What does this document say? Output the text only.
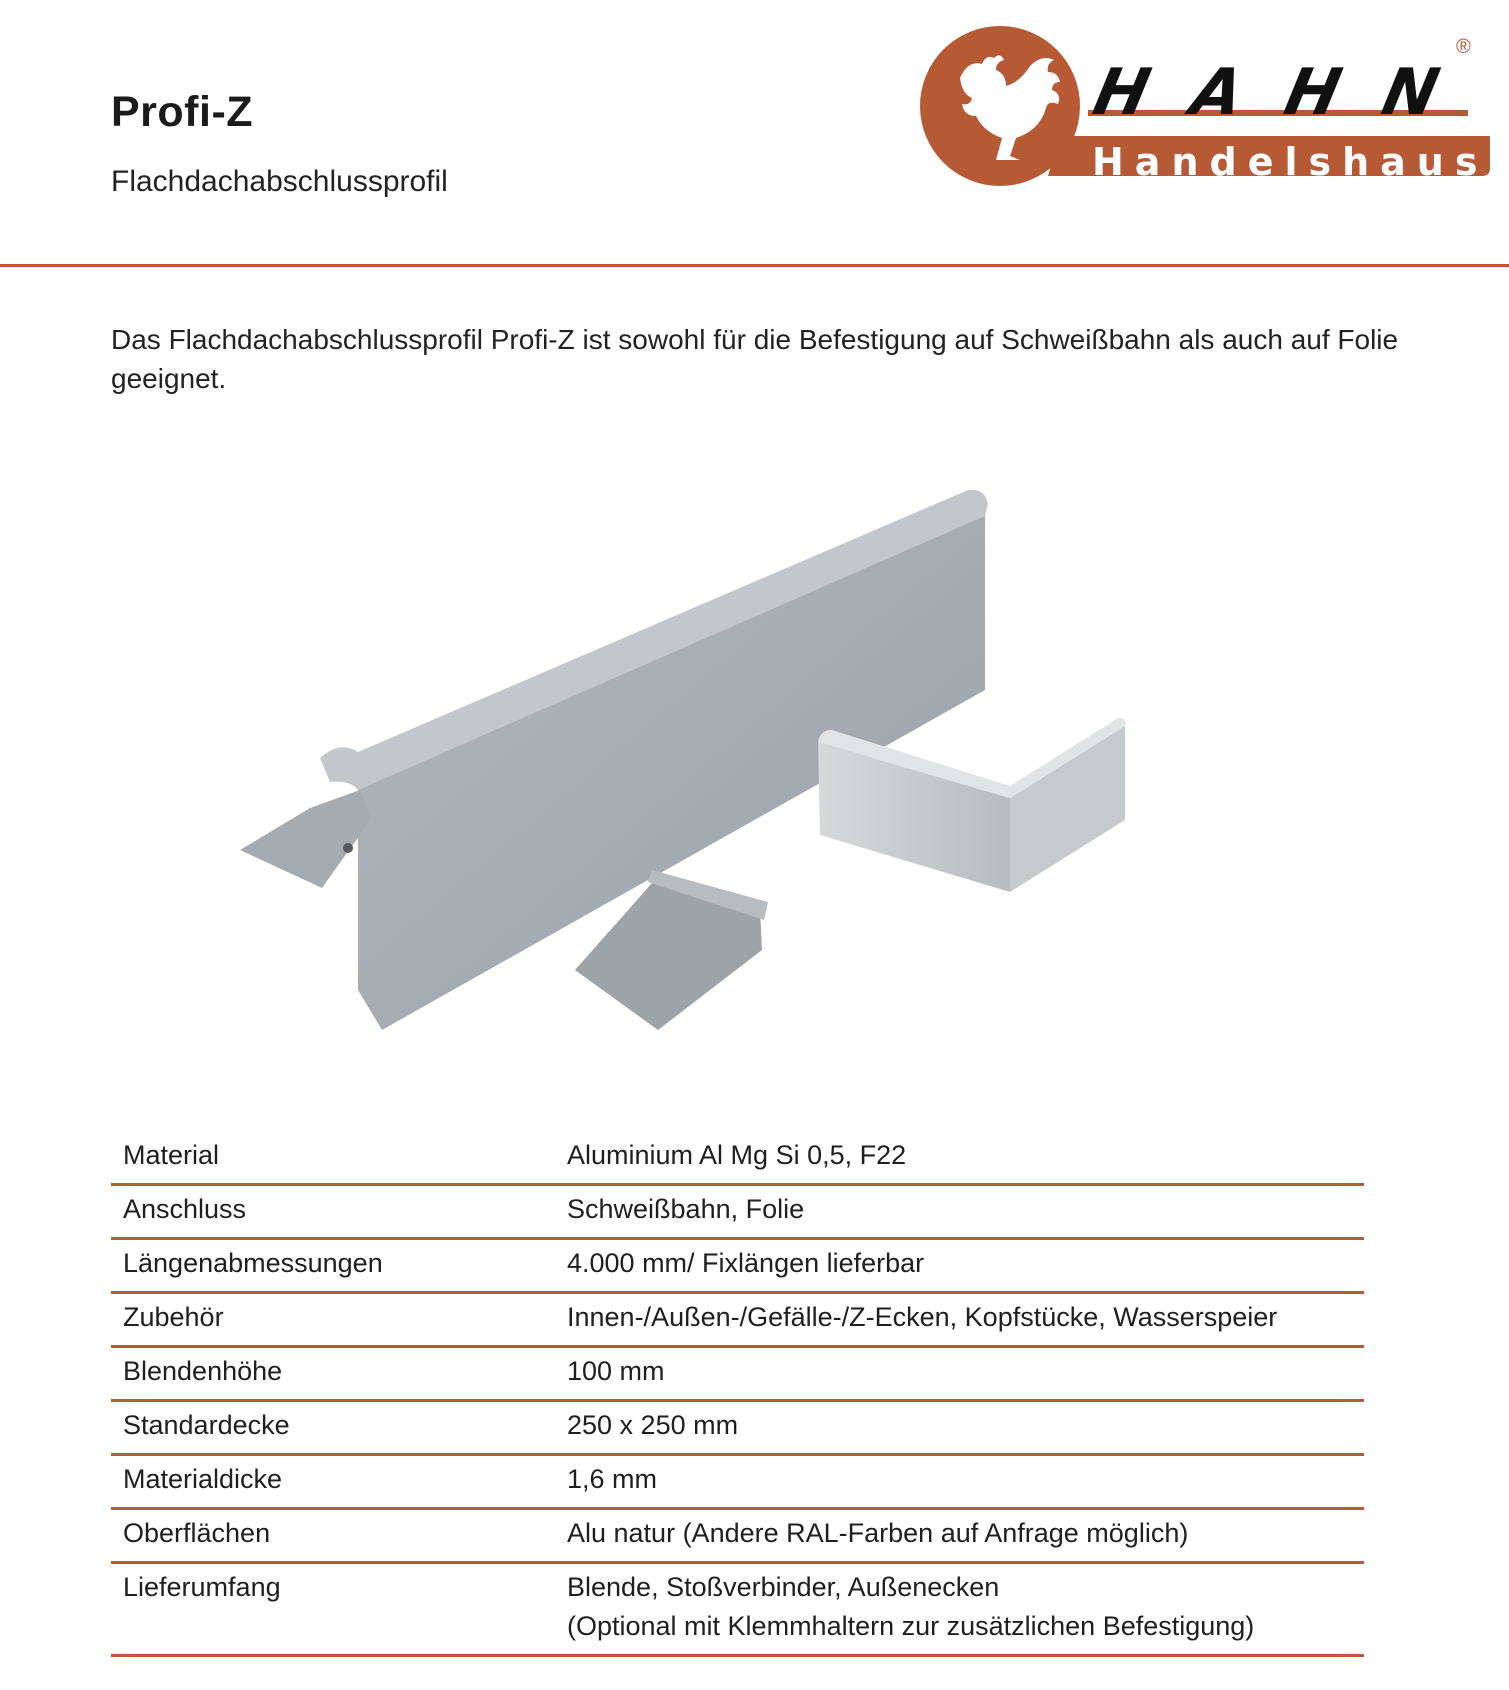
Profi-Z
Flachdachabschlussprofil
HAHN
Handelshaus
®
Das Flachdachabschlussprofil Profi-Z ist sowohl für die Befestigung auf Schweißbahn als auch auf Folie geeignet.
Material	Aluminium Al Mg Si 0,5, F22
Anschluss	Schweißbahn, Folie
Längenabmessungen	4.000 mm/ Fixlängen lieferbar
Zubehör	Innen-/Außen-/Gefälle-/Z-Ecken, Kopfstücke, Wasserspeier
Blendenhöhe	100 mm
Standardecke	250 x 250 mm
Materialdicke	1,6 mm
Oberflächen	Alu natur (Andere RAL-Farben auf Anfrage möglich)
Lieferumfang	Blende, Stoßverbinder, Außenecken
(Optional mit Klemmhaltern zur zusätzlichen Befestigung)
